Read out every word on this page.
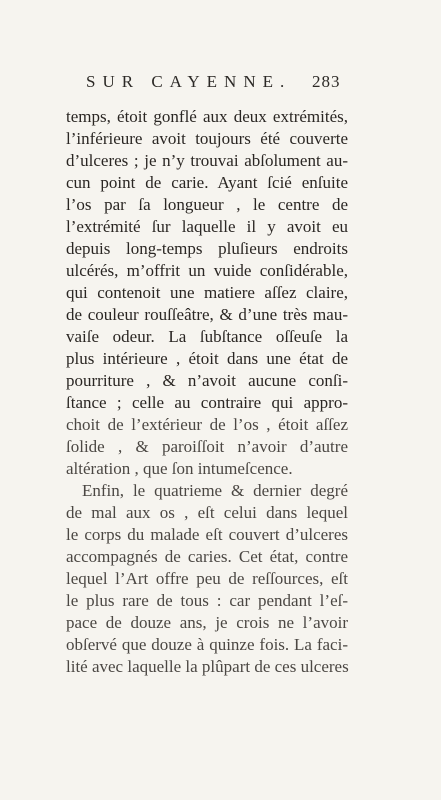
SUR CAYENNE. 283
temps, étoit gonflé aux deux extrémités,
l’inférieure avoit toujours été couverte
d’ulceres ; je n’y trouvai abſolument au-
cun point de carie. Ayant ſcié enſuite
l’os par ſa longueur , le centre de
l’extrémité ſur laquelle il y avoit eu
depuis long-temps pluſieurs endroits
ulcérés, m’offrit un vuide conſidérable,
qui contenoit une matiere aſſez claire,
de couleur rouſſeâtre, & d’une très mau-
vaiſe odeur. La ſubſtance oſſeuſe la
plus intérieure , étoit dans une état de
pourriture , & n’avoit aucune conſi-
ſtance ; celle au contraire qui appro-
choit de l’extérieur de l’os , étoit aſſez
ſolide , & paroiſſoit n’avoir d’autre
altération , que ſon intumeſcence.
Enfin, le quatrieme & dernier degré
de mal aux os , eſt celui dans lequel
le corps du malade eſt couvert d’ulceres
accompagnés de caries. Cet état, contre
lequel l’Art offre peu de reſſources, eſt
le plus rare de tous : car pendant l’eſ-
pace de douze ans, je crois ne l’avoir
obſervé que douze à quinze fois. La faci-
lité avec laquelle la plûpart de ces ulceres
